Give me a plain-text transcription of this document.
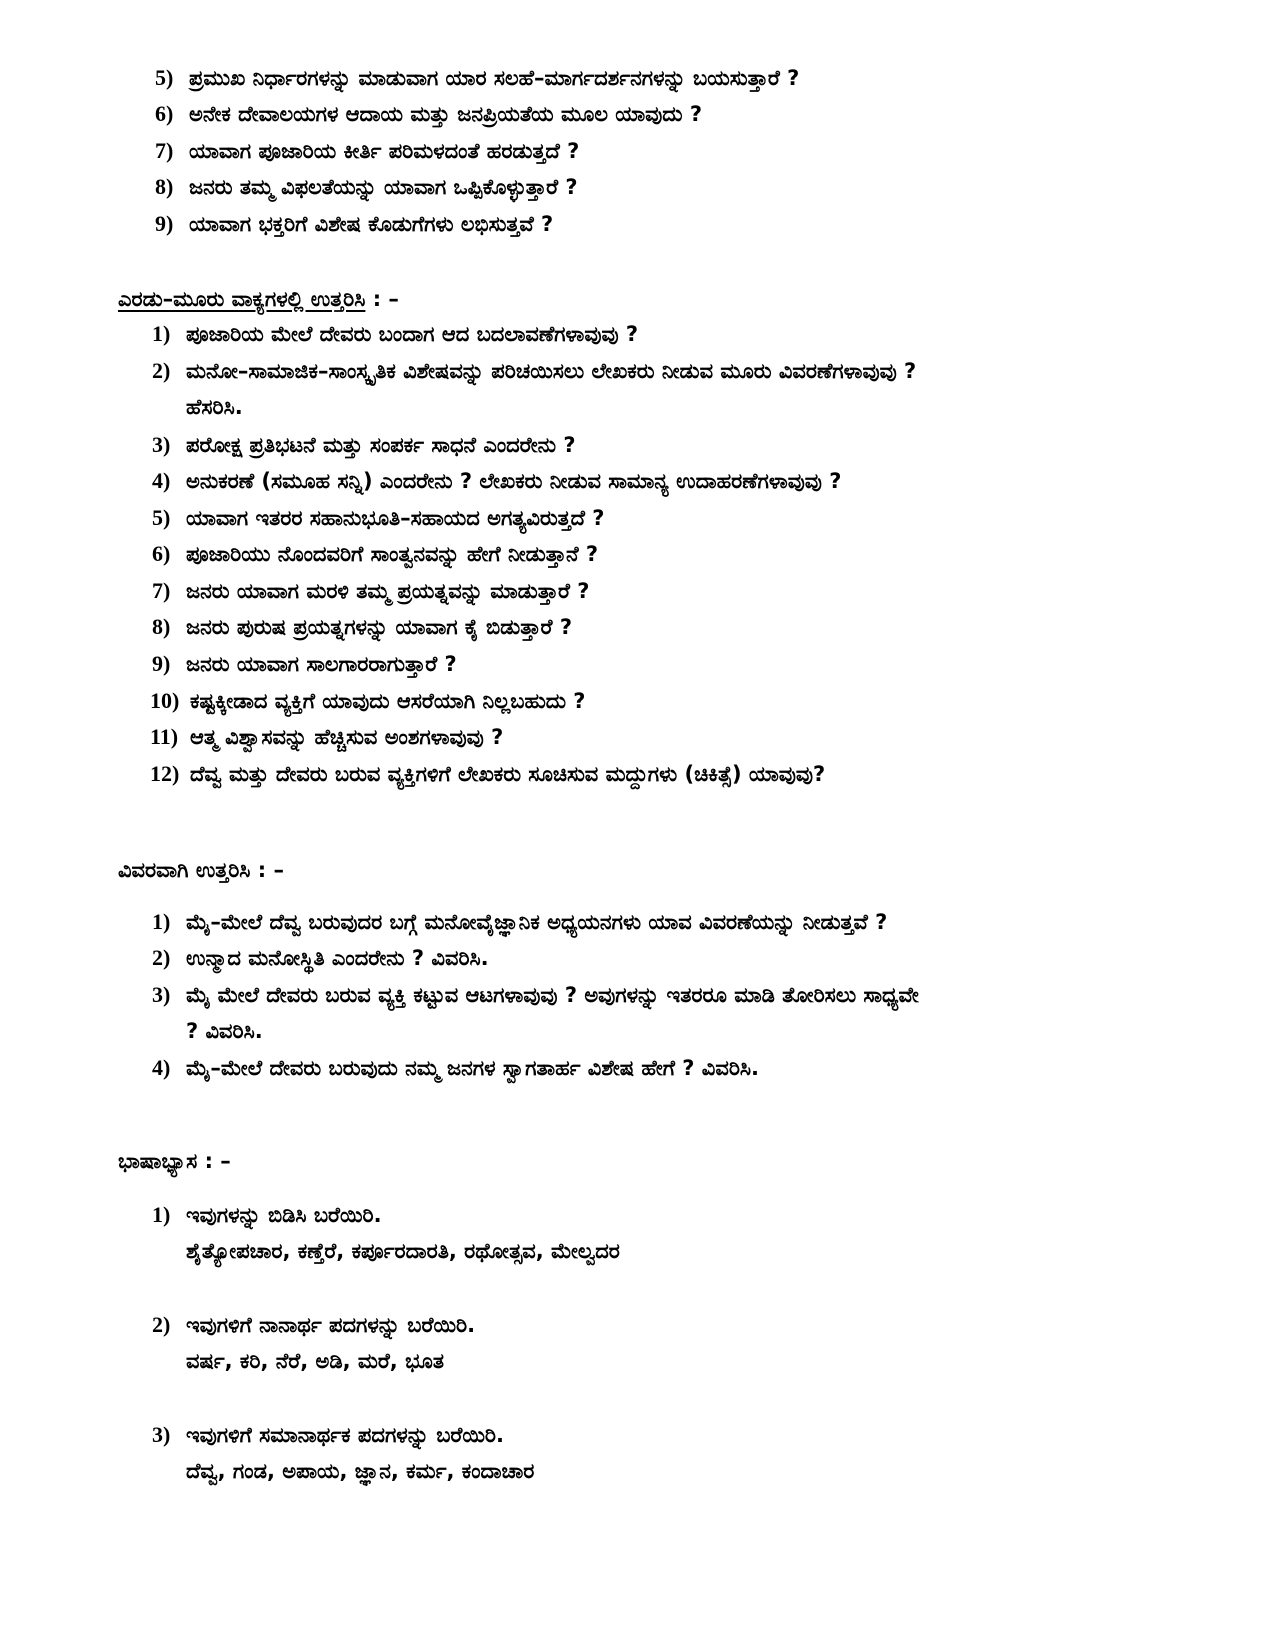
5) ಪ್ರಮುಖ ನಿರ್ಧಾರಗಳನ್ನು ಮಾಡುವಾಗ ಯಾರ ಸಲಹೆ–ಮಾರ್ಗದರ್ಶನಗಳನ್ನು ಬಯಸುತ್ತಾರೆ ?
6) ಅನೇಕ ದೇವಾಲಯಗಳ ಆದಾಯ ಮತ್ತು ಜನಪ್ರಿಯತೆಯ ಮೂಲ ಯಾವುದು ?
7) ಯಾವಾಗ ಪೂಜಾರಿಯ ಕೀರ್ತಿ ಪರಿಮಳದಂತೆ ಹರಡುತ್ತದೆ ?
8) ಜನರು ತಮ್ಮ ವಿಫಲತೆಯನ್ನು ಯಾವಾಗ ಒಪ್ಪಿಕೊಳ್ಳುತ್ತಾರೆ ?
9) ಯಾವಾಗ ಭಕ್ತರಿಗೆ ವಿಶೇಷ ಕೊಡುಗೆಗಳು ಲಭಿಸುತ್ತವೆ ?
ಎರಡು–ಮೂರು ವಾಕ್ಯಗಳಲ್ಲಿ ಉತ್ತರಿಸಿ : –
1) ಪೂಜಾರಿಯ ಮೇಲೆ ದೇವರು ಬಂದಾಗ ಆದ ಬದಲಾವಣೆಗಳಾವುವು ?
2) ಮನೋ–ಸಾಮಾಜಿಕ–ಸಾಂಸ್ಕೃತಿಕ ವಿಶೇಷವನ್ನು ಪರಿಚಯಿಸಲು ಲೇಖಕರು ನೀಡುವ ಮೂರು ವಿವರಣೆಗಳಾವುವು ?
ಹೆಸರಿಸಿ.
3) ಪರೋಕ್ಷ ಪ್ರತಿಭಟನೆ ಮತ್ತು ಸಂಪರ್ಕ ಸಾಧನೆ ಎಂದರೇನು ?
4) ಅನುಕರಣೆ (ಸಮೂಹ ಸನ್ನಿ) ಎಂದರೇನು ? ಲೇಖಕರು ನೀಡುವ ಸಾಮಾನ್ಯ ಉದಾಹರಣೆಗಳಾವುವು ?
5) ಯಾವಾಗ ಇತರರ ಸಹಾನುಭೂತಿ–ಸಹಾಯದ ಅಗತ್ಯವಿರುತ್ತದೆ ?
6) ಪೂಜಾರಿಯು ನೊಂದವರಿಗೆ ಸಾಂತ್ವನವನ್ನು ಹೇಗೆ ನೀಡುತ್ತಾನೆ ?
7) ಜನರು ಯಾವಾಗ ಮರಳಿ ತಮ್ಮ ಪ್ರಯತ್ನವನ್ನು ಮಾಡುತ್ತಾರೆ ?
8) ಜನರು ಪುರುಷ ಪ್ರಯತ್ನಗಳನ್ನು ಯಾವಾಗ ಕೈ ಬಿಡುತ್ತಾರೆ ?
9) ಜನರು ಯಾವಾಗ ಸಾಲಗಾರರಾಗುತ್ತಾರೆ ?
10) ಕಷ್ಟಕ್ಕೀಡಾದ ವ್ಯಕ್ತಿಗೆ ಯಾವುದು ಆಸರೆಯಾಗಿ ನಿಲ್ಲಬಹುದು ?
11) ಆತ್ಮ ವಿಶ್ವಾಸವನ್ನು ಹೆಚ್ಚಿಸುವ ಅಂಶಗಳಾವುವು ?
12) ದೆವ್ವ ಮತ್ತು ದೇವರು ಬರುವ ವ್ಯಕ್ತಿಗಳಿಗೆ ಲೇಖಕರು ಸೂಚಿಸುವ ಮದ್ದುಗಳು (ಚಿಕಿತ್ಸೆ) ಯಾವುವು?
ವಿವರವಾಗಿ ಉತ್ತರಿಸಿ : –
1) ಮೈ–ಮೇಲೆ ದೆವ್ವ ಬರುವುದರ ಬಗ್ಗೆ ಮನೋವೈಜ್ಞಾನಿಕ ಅಧ್ಯಯನಗಳು ಯಾವ ವಿವರಣೆಯನ್ನು ನೀಡುತ್ತವೆ ?
2) ಉನ್ಮಾದ ಮನೋಸ್ಥಿತಿ ಎಂದರೇನು ? ವಿವರಿಸಿ.
3) ಮೈ ಮೇಲೆ ದೇವರು ಬರುವ ವ್ಯಕ್ತಿ ಕಟ್ಟುವ ಆಟಗಳಾವುವು ? ಅವುಗಳನ್ನು ಇತರರೂ ಮಾಡಿ ತೋರಿಸಲು ಸಾಧ್ಯವೇ
? ವಿವರಿಸಿ.
4) ಮೈ–ಮೇಲೆ ದೇವರು ಬರುವುದು ನಮ್ಮ ಜನಗಳ ಸ್ವಾಗತಾರ್ಹ ವಿಶೇಷ ಹೇಗೆ ? ವಿವರಿಸಿ.
ಭಾಷಾಭ್ಯಾಸ : –
1) ಇವುಗಳನ್ನು ಬಿಡಿಸಿ ಬರೆಯಿರಿ.
ಶೈತ್ಯೋಪಚಾರ, ಕಣ್ತೆರೆ, ಕರ್ಪೂರದಾರತಿ, ರಥೋತ್ಸವ, ಮೇಲ್ವದರ
2) ಇವುಗಳಿಗೆ ನಾನಾರ್ಥ ಪದಗಳನ್ನು ಬರೆಯಿರಿ.
ವರ್ಷ, ಕರಿ, ನೆರೆ, ಅಡಿ, ಮರೆ, ಭೂತ
3) ಇವುಗಳಿಗೆ ಸಮಾನಾರ್ಥಕ ಪದಗಳನ್ನು ಬರೆಯಿರಿ.
ದೆವ್ವ, ಗಂಡ, ಅಪಾಯ, ಜ್ಞಾನ, ಕರ್ಮ, ಕಂದಾಚಾರ
